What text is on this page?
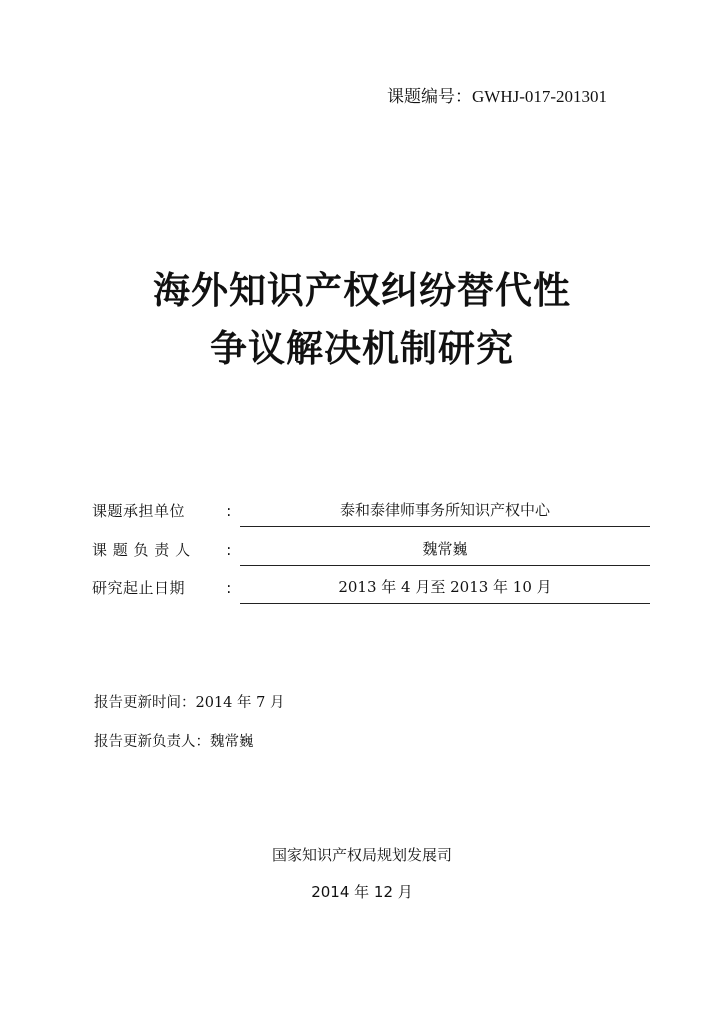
课题编号：GWHJ-017-201301
海外知识产权纠纷替代性
争议解决机制研究
课题承担单位	:	泰和泰律师事务所知识产权中心
课 题 负 责 人 :	魏常巍
研究起止日期	:	2013 年 4 月至 2013 年 10 月
报告更新时间：2014 年 7 月
报告更新负责人：魏常巍
国家知识产权局规划发展司
2014 年 12 月
